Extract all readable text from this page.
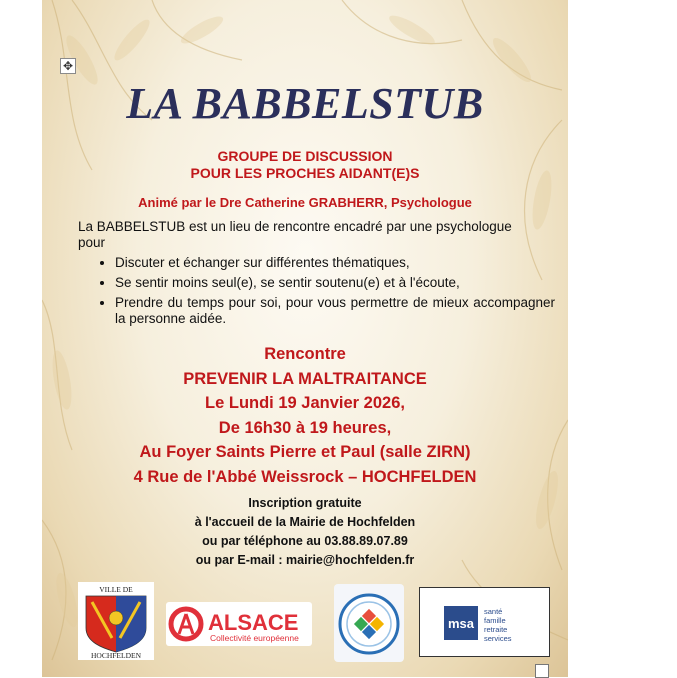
✥
LA BABBELSTUB
GROUPE DE DISCUSSION
POUR LES PROCHES AIDANT(E)S
Animé par le Dre Catherine GRABHERR, Psychologue
La BABBELSTUB est un lieu de rencontre encadré par une psychologue pour
• Discuter et échanger sur différentes thématiques,
• Se sentir moins seul(e), se sentir soutenu(e) et à l'écoute,
• Prendre du temps pour soi, pour vous permettre de mieux accompagner la personne aidée.
Rencontre
PREVENIR LA MALTRAITANCE
Le Lundi 19 Janvier 2026,
De 16h30 à 19 heures,
Au Foyer Saints Pierre et Paul (salle ZIRN)
4 Rue de l'Abbé Weissrock – HOCHFELDEN
Inscription gratuite
à l'accueil de la Mairie de Hochfelden
ou par téléphone au 03.88.89.07.89
ou par E-mail : mairie@hochfelden.fr
VILLE DE
HOCHFELDEN
ALSACE
Collectivité européenne
msa
santé
famille
retraite
services
